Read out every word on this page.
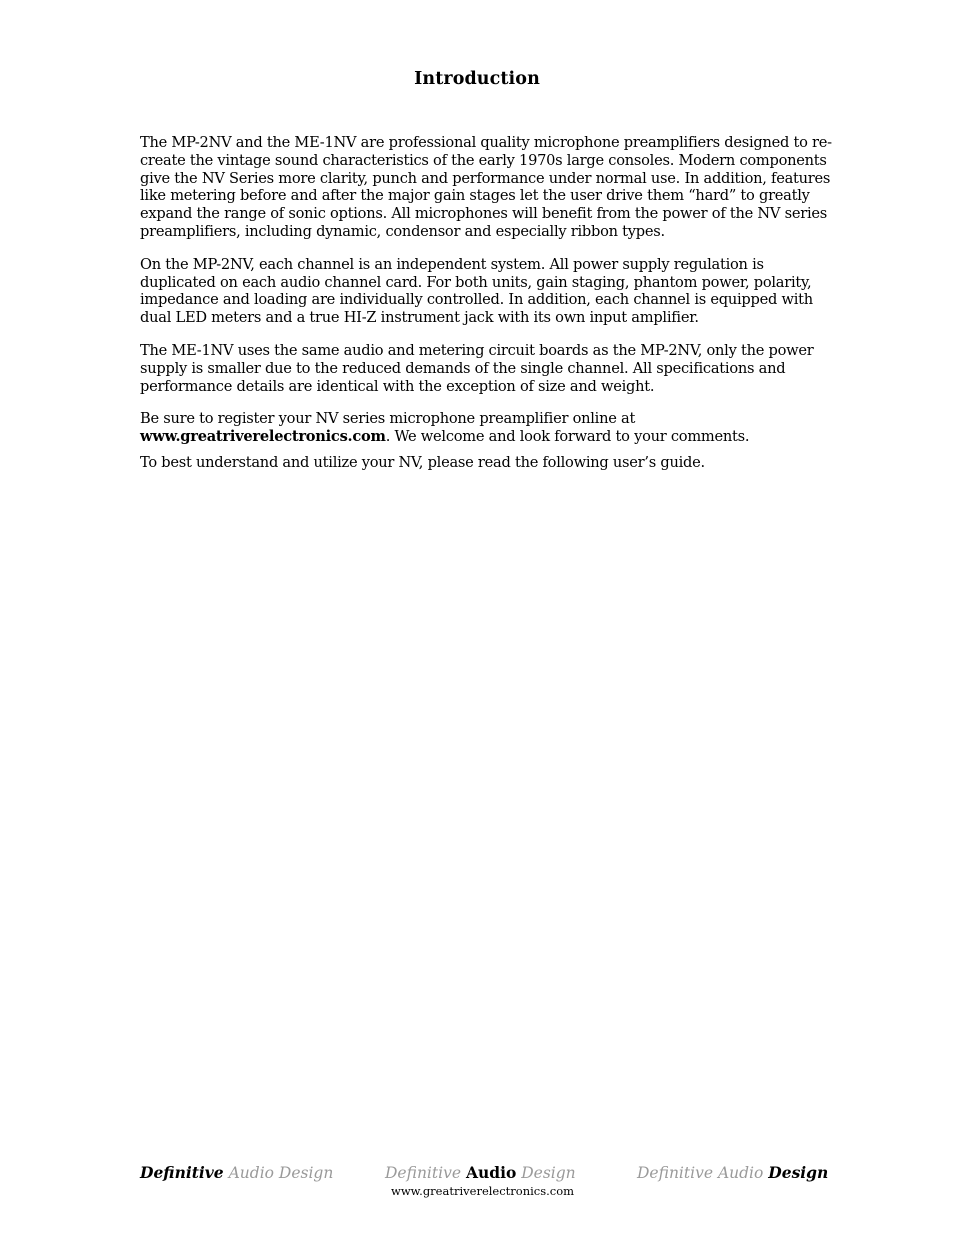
Introduction

The MP-2NV and the ME-1NV are professional quality microphone preamplifiers designed to re-
create the vintage sound characteristics of the early 1970s large consoles. Modern components
give the NV Series more clarity, punch and performance under normal use. In addition, features
like metering before and after the major gain stages let the user drive them “hard” to greatly
expand the range of sonic options. All microphones will benefit from the power of the NV series
preamplifiers, including dynamic, condensor and especially ribbon types.

On the MP-2NV, each channel is an independent system. All power supply regulation is
duplicated on each audio channel card. For both units, gain staging, phantom power, polarity,
impedance and loading are individually controlled. In addition, each channel is equipped with
dual LED meters and a true HI-Z instrument jack with its own input amplifier.

The ME-1NV uses the same audio and metering circuit boards as the MP-2NV, only the power
supply is smaller due to the reduced demands of the single channel. All specifications and
performance details are identical with the exception of size and weight.

Be sure to register your NV series microphone preamplifier online at
www.greatriverelectronics.com. We welcome and look forward to your comments.

To best understand and utilize your NV, please read the following user’s guide.

Definitive Audio Design	Definitive Audio Design	Definitive Audio Design
www.greatriverelectronics.com
